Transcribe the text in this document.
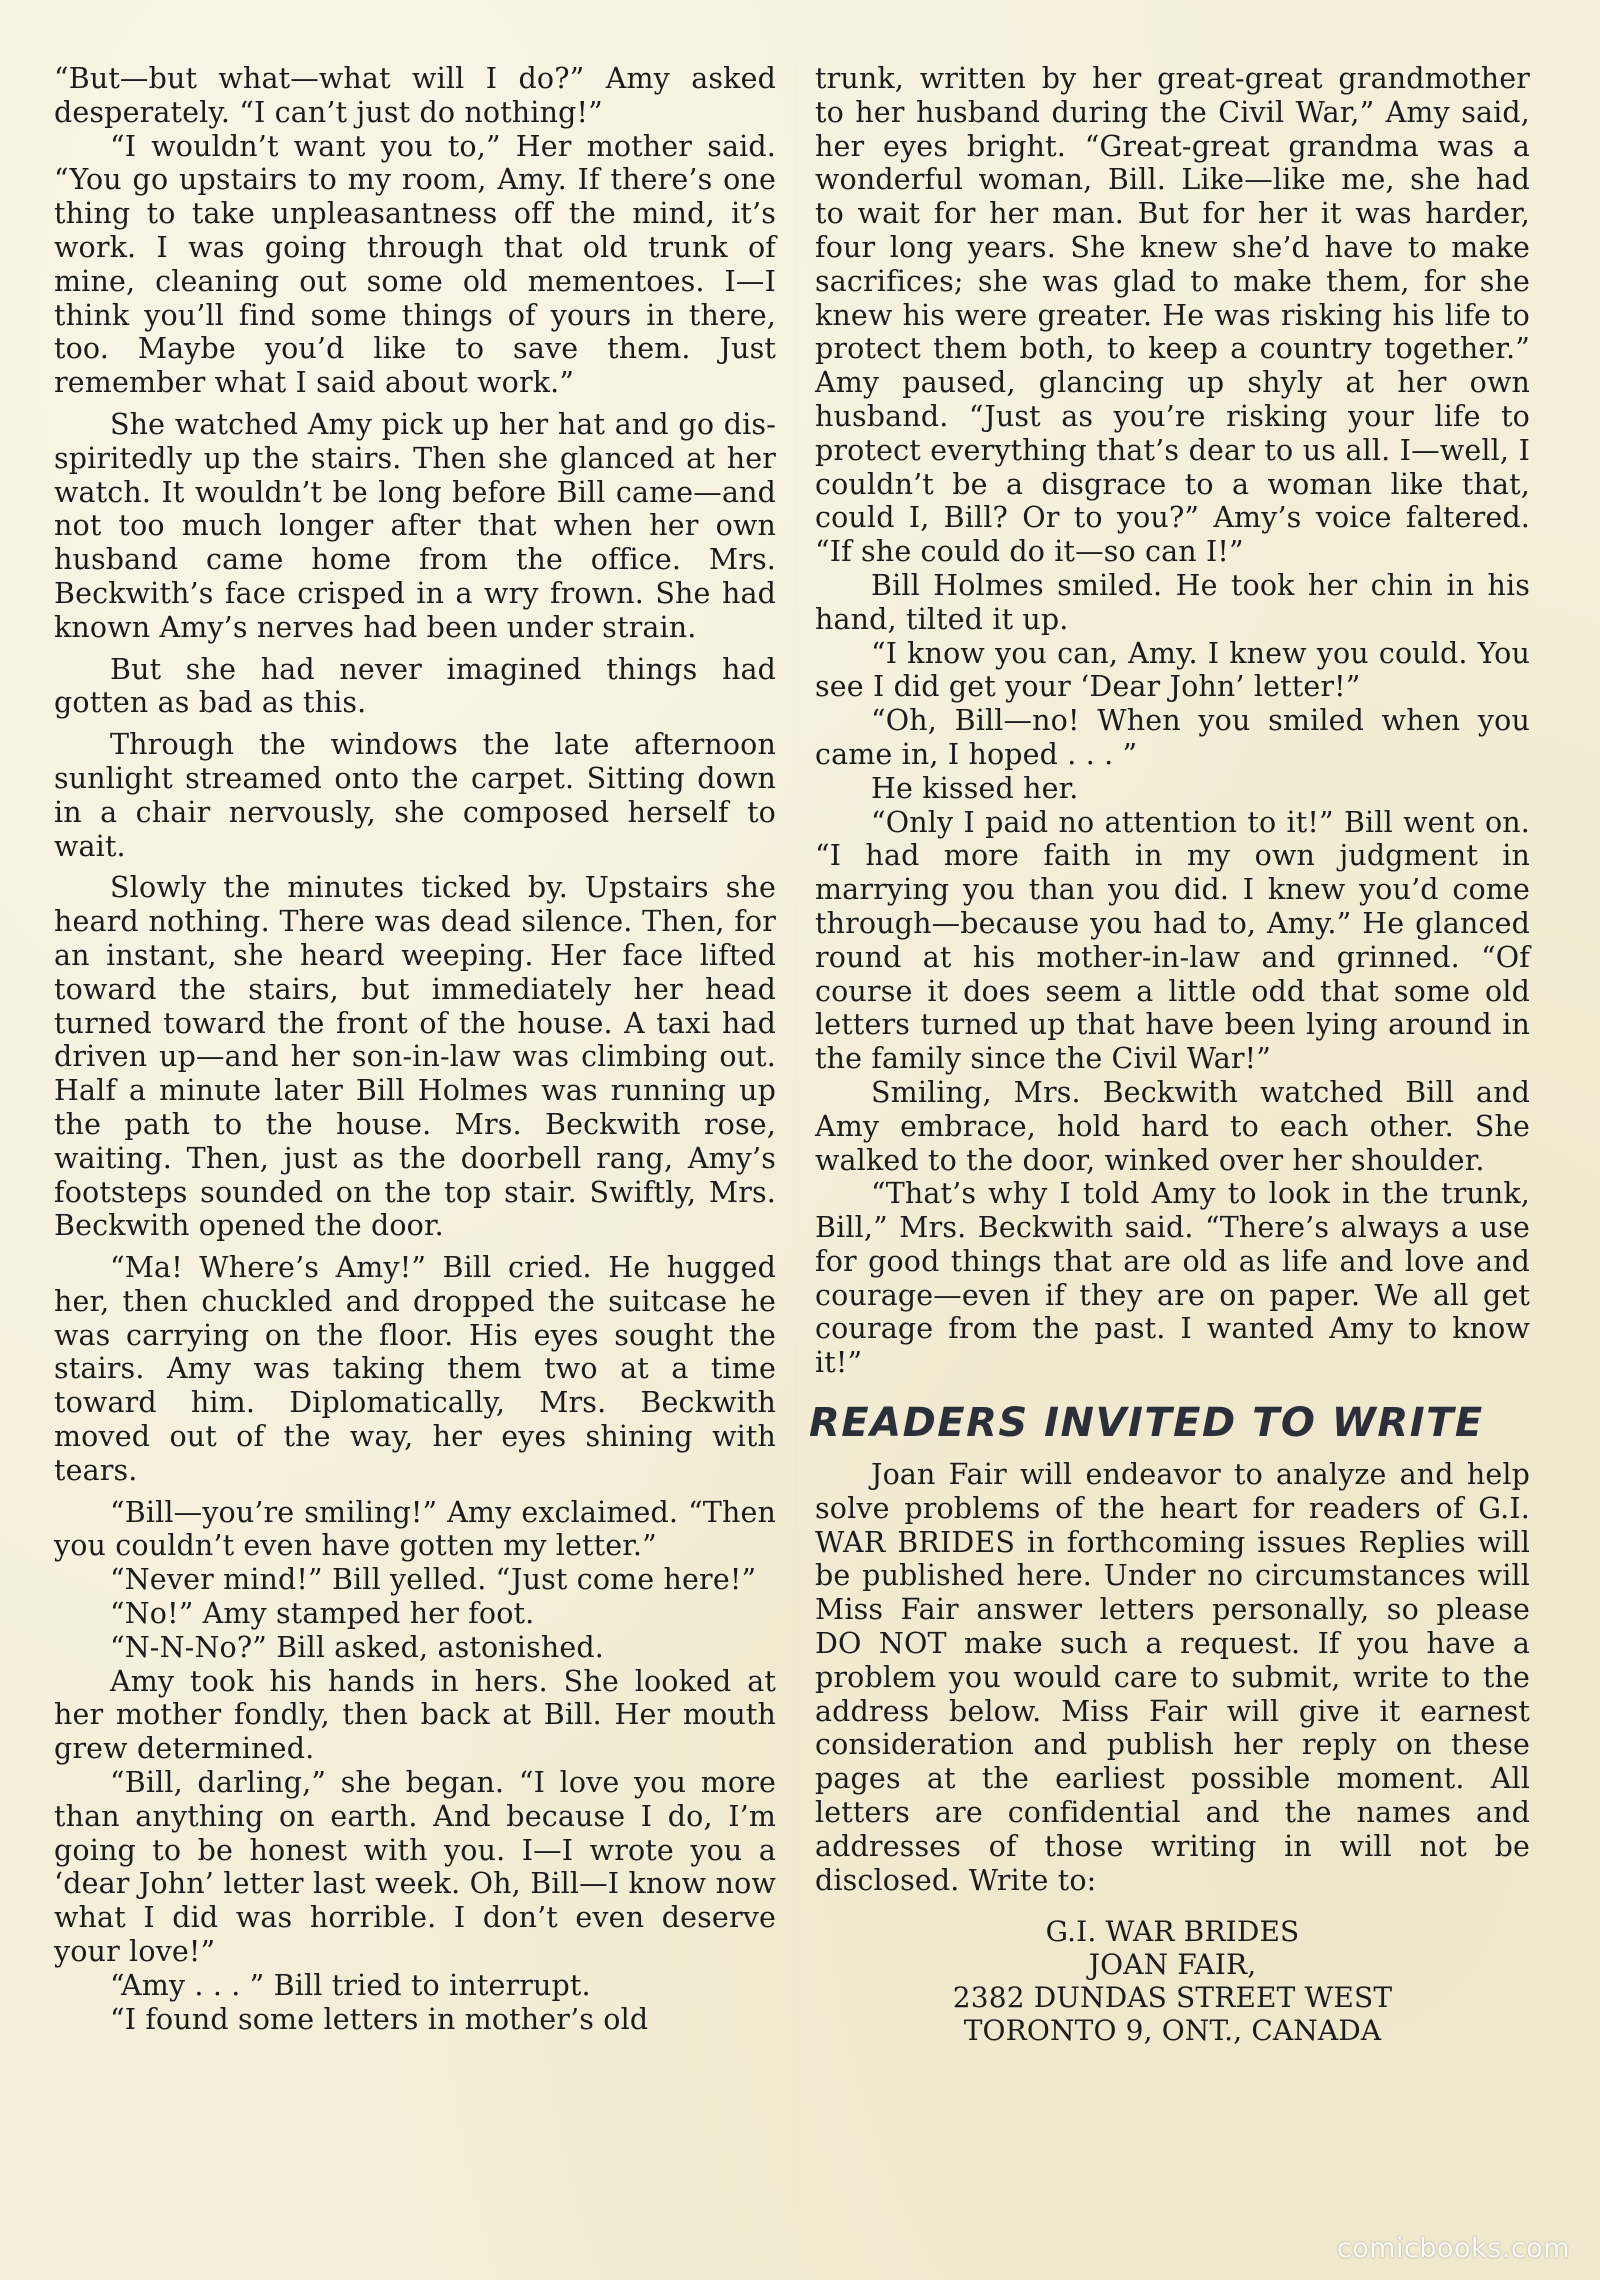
“But—but what—what will I do?” Amy asked desperately. “I can’t just do nothing!”

“I wouldn’t want you to,” Her mother said. “You go upstairs to my room, Amy. If there’s one thing to take unpleasantness off the mind, it’s work. I was going through that old trunk of mine, cleaning out some old mementoes. I—I think you’ll find some things of yours in there, too. Maybe you’d like to save them. Just remember what I said about work.”

She watched Amy pick up her hat and go dis-spiritedly up the stairs. Then she glanced at her watch. It wouldn’t be long before Bill came—and not too much longer after that when her own husband came home from the office. Mrs. Beckwith’s face crisped in a wry frown. She had known Amy’s nerves had been under strain.

But she had never imagined things had gotten as bad as this.

Through the windows the late afternoon sunlight streamed onto the carpet. Sitting down in a chair nervously, she composed herself to wait.

Slowly the minutes ticked by. Upstairs she heard nothing. There was dead silence. Then, for an instant, she heard weeping. Her face lifted toward the stairs, but immediately her head turned toward the front of the house. A taxi had driven up—and her son-in-law was climbing out. Half a minute later Bill Holmes was running up the path to the house. Mrs. Beckwith rose, waiting. Then, just as the doorbell rang, Amy’s footsteps sounded on the top stair. Swiftly, Mrs. Beckwith opened the door.

“Ma! Where’s Amy!” Bill cried. He hugged her, then chuckled and dropped the suitcase he was carrying on the floor. His eyes sought the stairs. Amy was taking them two at a time toward him. Diplomatically, Mrs. Beckwith moved out of the way, her eyes shining with tears.

“Bill—you’re smiling!” Amy exclaimed. “Then you couldn’t even have gotten my letter.”

“Never mind!” Bill yelled. “Just come here!”

“No!” Amy stamped her foot.

“N-N-No?” Bill asked, astonished.

Amy took his hands in hers. She looked at her mother fondly, then back at Bill. Her mouth grew determined.

“Bill, darling,” she began. “I love you more than anything on earth. And because I do, I’m going to be honest with you. I—I wrote you a ‘dear John’ letter last week. Oh, Bill—I know now what I did was horrible. I don’t even deserve your love!”

“Amy . . . ” Bill tried to interrupt.

“I found some letters in mother’s old

trunk, written by her great-great grandmother to her husband during the Civil War,” Amy said, her eyes bright. “Great-great grandma was a wonderful woman, Bill. Like—like me, she had to wait for her man. But for her it was harder, four long years. She knew she’d have to make sacrifices; she was glad to make them, for she knew his were greater. He was risking his life to protect them both, to keep a country together.” Amy paused, glancing up shyly at her own husband. “Just as you’re risking your life to protect everything that’s dear to us all. I—well, I couldn’t be a disgrace to a woman like that, could I, Bill? Or to you?” Amy’s voice faltered. “If she could do it—so can I!”

Bill Holmes smiled. He took her chin in his hand, tilted it up.

“I know you can, Amy. I knew you could. You see I did get your ‘Dear John’ letter!”

“Oh, Bill—no! When you smiled when you came in, I hoped . . . ”

He kissed her.

“Only I paid no attention to it!” Bill went on. “I had more faith in my own judgment in marrying you than you did. I knew you’d come through—because you had to, Amy.” He glanced round at his mother-in-law and grinned. “Of course it does seem a little odd that some old letters turned up that have been lying around in the family since the Civil War!”

Smiling, Mrs. Beckwith watched Bill and Amy embrace, hold hard to each other. She walked to the door, winked over her shoulder.

“That’s why I told Amy to look in the trunk, Bill,” Mrs. Beckwith said. “There’s always a use for good things that are old as life and love and courage—even if they are on paper. We all get courage from the past. I wanted Amy to know it!”

READERS INVITED TO WRITE

Joan Fair will endeavor to analyze and help solve problems of the heart for readers of G.I. WAR BRIDES in forthcoming issues Replies will be published here. Under no circumstances will Miss Fair answer letters personally, so please DO NOT make such a request. If you have a problem you would care to submit, write to the address below. Miss Fair will give it earnest consideration and publish her reply on these pages at the earliest possible moment. All letters are confidential and the names and addresses of those writing in will not be disclosed. Write to:

G.I. WAR BRIDES
JOAN FAIR,
2382 DUNDAS STREET WEST
TORONTO 9, ONT., CANADA
comicbooks.com
